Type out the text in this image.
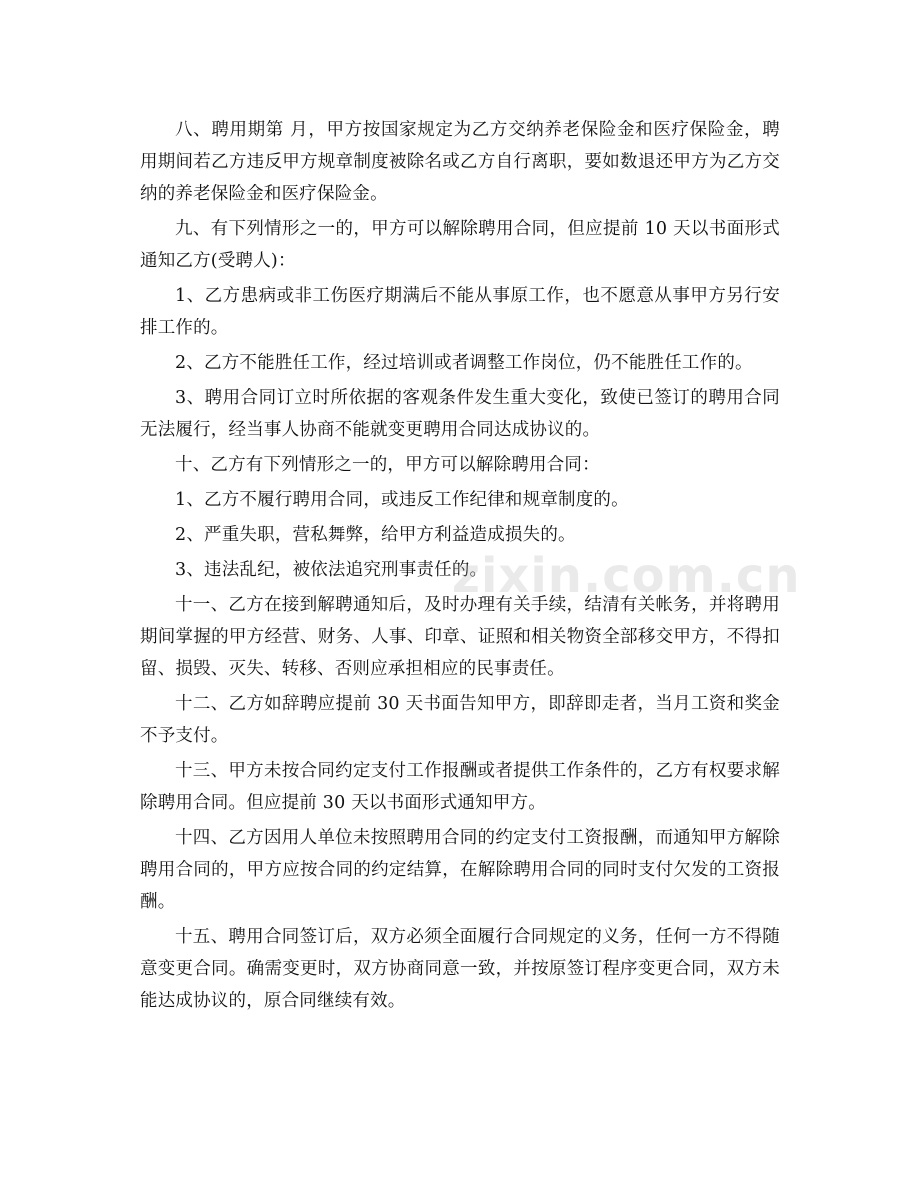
八、聘用期第 月，甲方按国家规定为乙方交纳养老保险金和医疗保险金，聘用期间若乙方违反甲方规章制度被除名或乙方自行离职，要如数退还甲方为乙方交纳的养老保险金和医疗保险金。

九、有下列情形之一的，甲方可以解除聘用合同，但应提前 10 天以书面形式通知乙方(受聘人)：

1、乙方患病或非工伤医疗期满后不能从事原工作，也不愿意从事甲方另行安排工作的。

2、乙方不能胜任工作，经过培训或者调整工作岗位，仍不能胜任工作的。

3、聘用合同订立时所依据的客观条件发生重大变化，致使已签订的聘用合同无法履行，经当事人协商不能就变更聘用合同达成协议的。

十、乙方有下列情形之一的，甲方可以解除聘用合同：

1、乙方不履行聘用合同，或违反工作纪律和规章制度的。

2、严重失职，营私舞弊，给甲方利益造成损失的。

3、违法乱纪，被依法追究刑事责任的。

十一、乙方在接到解聘通知后，及时办理有关手续，结清有关帐务，并将聘用期间掌握的甲方经营、财务、人事、印章、证照和相关物资全部移交甲方，不得扣留、损毁、灭失、转移、否则应承担相应的民事责任。

十二、乙方如辞聘应提前 30 天书面告知甲方，即辞即走者，当月工资和奖金不予支付。

十三、甲方未按合同约定支付工作报酬或者提供工作条件的，乙方有权要求解除聘用合同。但应提前 30 天以书面形式通知甲方。

十四、乙方因用人单位未按照聘用合同的约定支付工资报酬，而通知甲方解除聘用合同的，甲方应按合同的约定结算，在解除聘用合同的同时支付欠发的工资报酬。

十五、聘用合同签订后，双方必须全面履行合同规定的义务，任何一方不得随意变更合同。确需变更时，双方协商同意一致，并按原签订程序变更合同，双方未能达成协议的，原合同继续有效。

zixin.com.cn
